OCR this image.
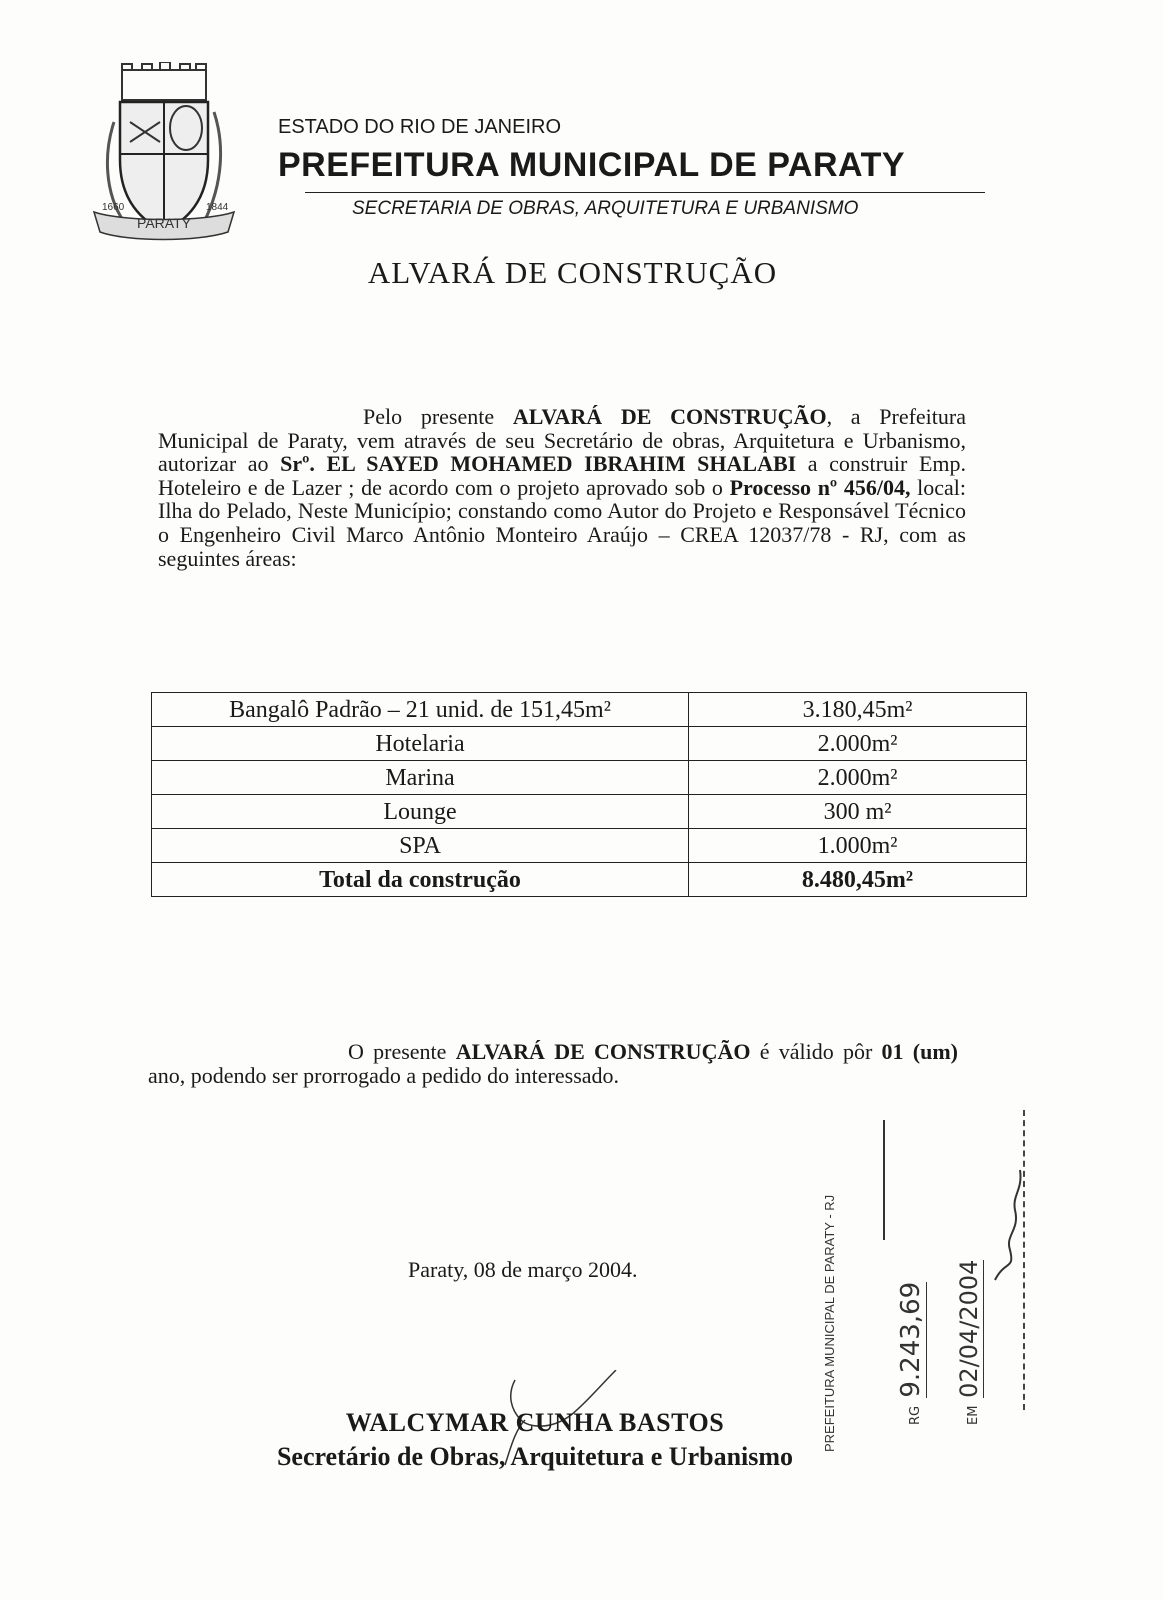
PARATY
1660	1844
ESTADO DO RIO DE JANEIRO
PREFEITURA MUNICIPAL DE PARATY
SECRETARIA DE OBRAS, ARQUITETURA E URBANISMO
ALVARÁ DE CONSTRUÇÃO
Pelo presente ALVARÁ DE CONSTRUÇÃO, a Prefeitura Municipal de Paraty, vem através de seu Secretário de obras, Arquitetura e Urbanismo, autorizar ao Srº. EL SAYED MOHAMED IBRAHIM SHALABI a construir Emp. Hoteleiro e de Lazer ; de acordo com o projeto aprovado sob o Processo nº 456/04, local: Ilha do Pelado, Neste Município; constando como Autor do Projeto e Responsável Técnico o Engenheiro Civil Marco Antônio Monteiro Araújo – CREA 12037/78 - RJ, com as seguintes áreas:
Bangalô Padrão – 21 unid. de 151,45m²	3.180,45m²
Hotelaria	2.000m²
Marina	2.000m²
Lounge	300 m²
SPA	1.000m²
Total da construção	8.480,45m²
O presente ALVARÁ DE CONSTRUÇÃO é válido pôr 01 (um) ano, podendo ser prorrogado a pedido do interessado.
Paraty, 08 de março 2004.
WALCYMAR CUNHA BASTOS
Secretário de Obras, Arquitetura e Urbanismo
PREFEITURA MUNICIPAL DE PARATY - RJ	RG 9.243,69
EM 02/04/2004
